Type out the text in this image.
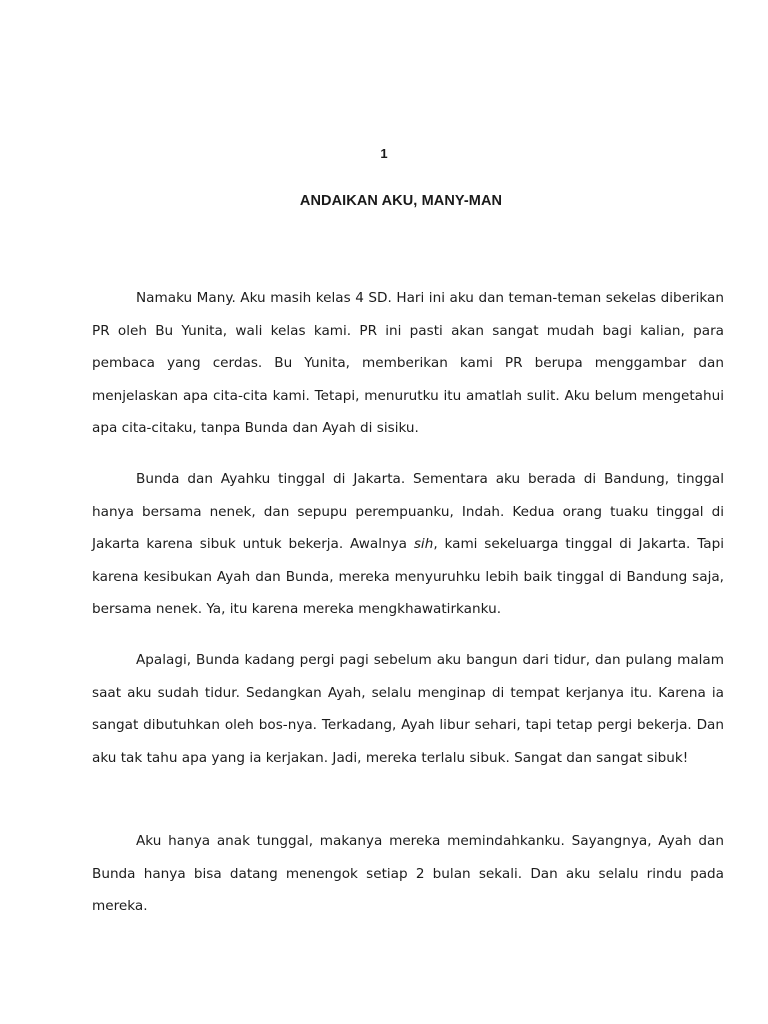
1
ANDAIKAN AKU, MANY-MAN

Namaku Many. Aku masih kelas 4 SD. Hari ini aku dan teman-teman sekelas diberikan PR oleh Bu Yunita, wali kelas kami. PR ini pasti akan sangat mudah bagi kalian, para pembaca yang cerdas. Bu Yunita, memberikan kami PR berupa menggambar dan menjelaskan apa cita-cita kami. Tetapi, menurutku itu amatlah sulit. Aku belum mengetahui apa cita-citaku, tanpa Bunda dan Ayah di sisiku.

Bunda dan Ayahku tinggal di Jakarta. Sementara aku berada di Bandung, tinggal hanya bersama nenek, dan sepupu perempuanku, Indah. Kedua orang tuaku tinggal di Jakarta karena sibuk untuk bekerja. Awalnya sih, kami sekeluarga tinggal di Jakarta. Tapi karena kesibukan Ayah dan Bunda, mereka menyuruhku lebih baik tinggal di Bandung saja, bersama nenek. Ya, itu karena mereka mengkhawatirkanku.

Apalagi, Bunda kadang pergi pagi sebelum aku bangun dari tidur, dan pulang malam saat aku sudah tidur. Sedangkan Ayah, selalu menginap di tempat kerjanya itu. Karena ia sangat dibutuhkan oleh bos-nya. Terkadang, Ayah libur sehari, tapi tetap pergi bekerja. Dan aku tak tahu apa yang ia kerjakan. Jadi, mereka terlalu sibuk. Sangat dan sangat sibuk!

Aku hanya anak tunggal, makanya mereka memindahkanku. Sayangnya, Ayah dan Bunda hanya bisa datang menengok setiap 2 bulan sekali. Dan aku selalu rindu pada mereka.
